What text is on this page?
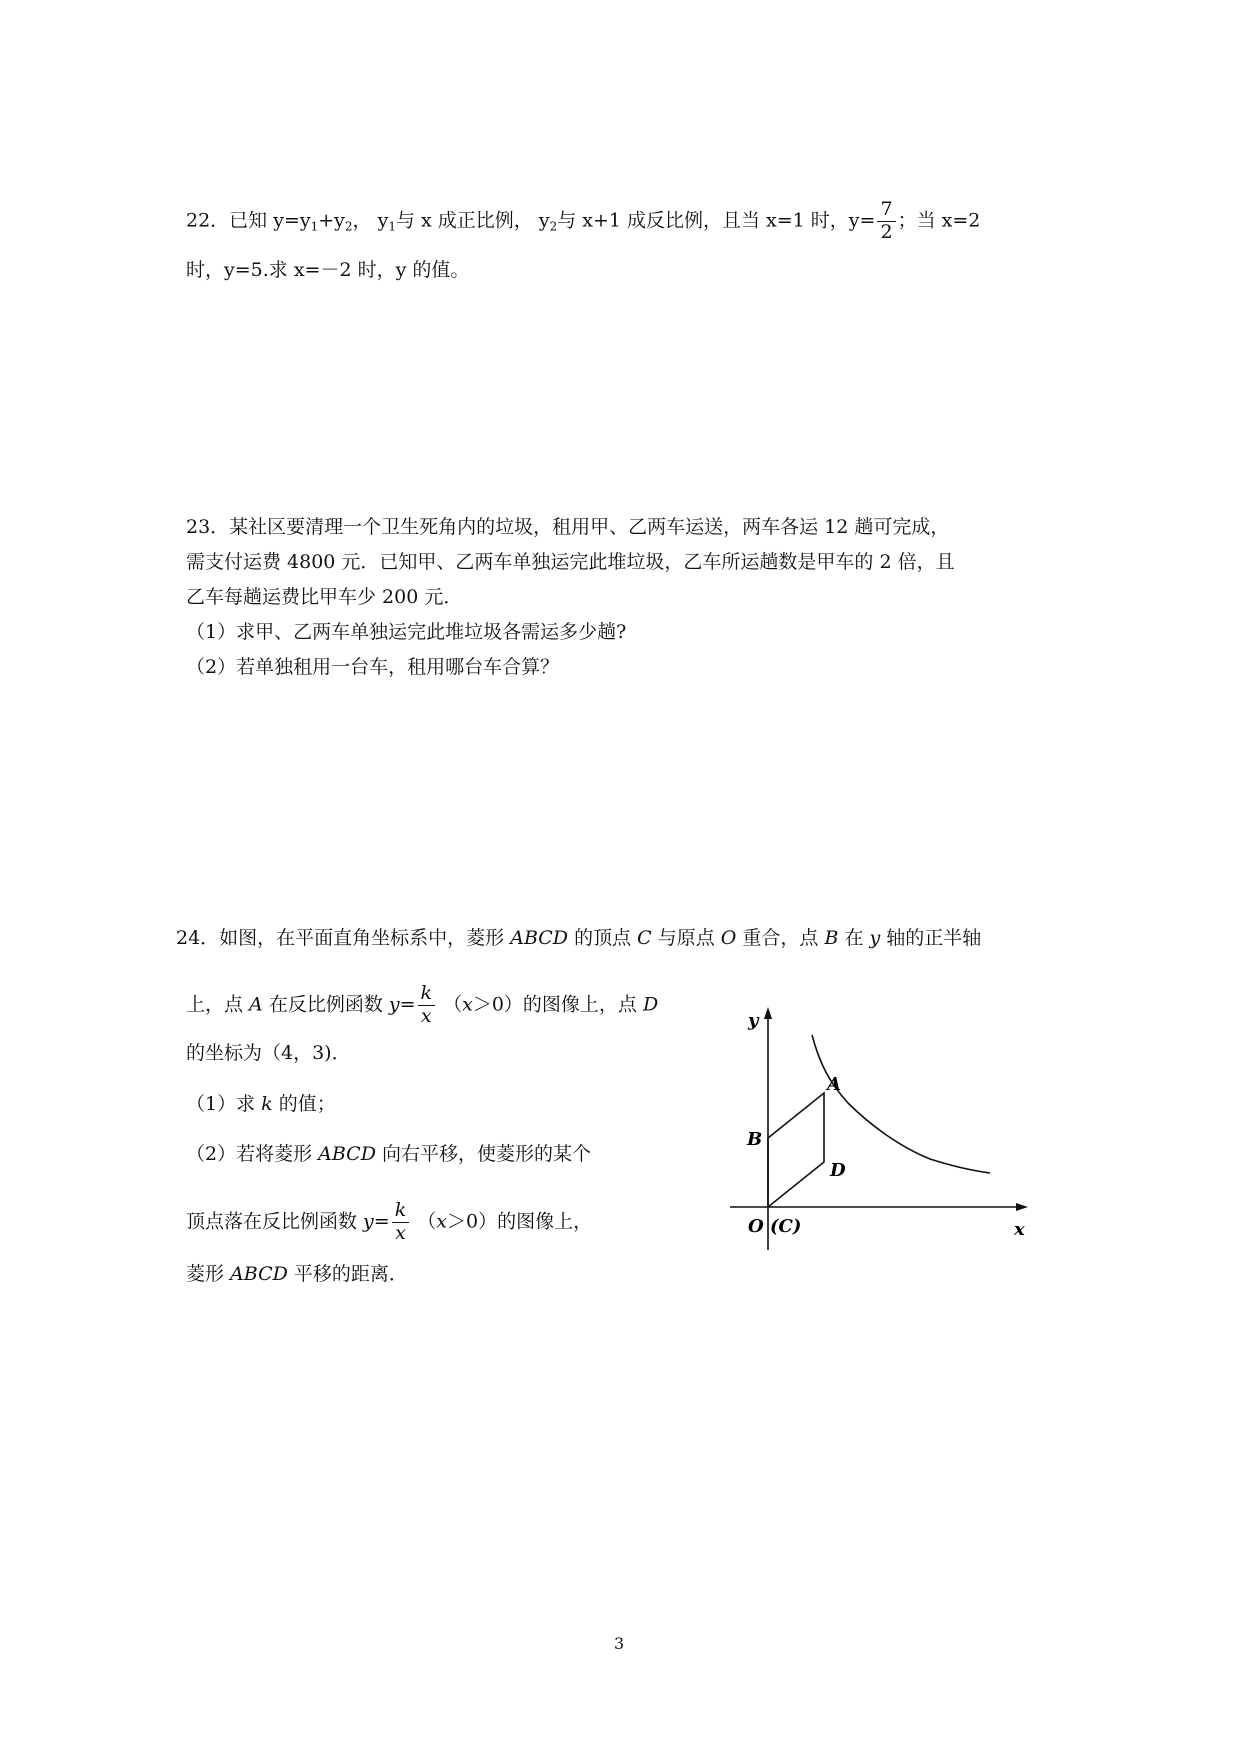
22．已知 $y=y_1+y_2$， $y_1$与 x 成正比例， $y_2$与 x+1 成反比例，且当 x=1 时，$y= \frac{7}{2}$ ；当 x=2
时，y=5.求 x=－2 时，y 的值。
23．某社区要清理一个卫生死角内的垃圾，租用甲、乙两车运送，两车各运 12 趟可完成，
需支付运费 4800 元．已知甲、乙两车单独运完此堆垃圾，乙车所运趟数是甲车的 2 倍，且
乙车每趟运费比甲车少 200 元．
（1）求甲、乙两车单独运完此堆垃圾各需运多少趟?
（2）若单独租用一台车，租用哪台车合算？
24．如图，在平面直角坐标系中，菱形 ABCD 的顶点 C 与原点 O 重合，点 B 在 y 轴的正半轴
上，点 A 在反比例函数 $y= \frac{k}{x} (x>0)$的图像上，点 D
的坐标为（4，3)．
（1）求 k 的值；
（2）若将菱形 ABCD 向右平移，使菱形的某个
顶点落在反比例函数 $y= \frac{k}{x} (x>0)$的图像上，
菱形 ABCD 平移的距离．
y
x
O (C)
A
B
D
3
